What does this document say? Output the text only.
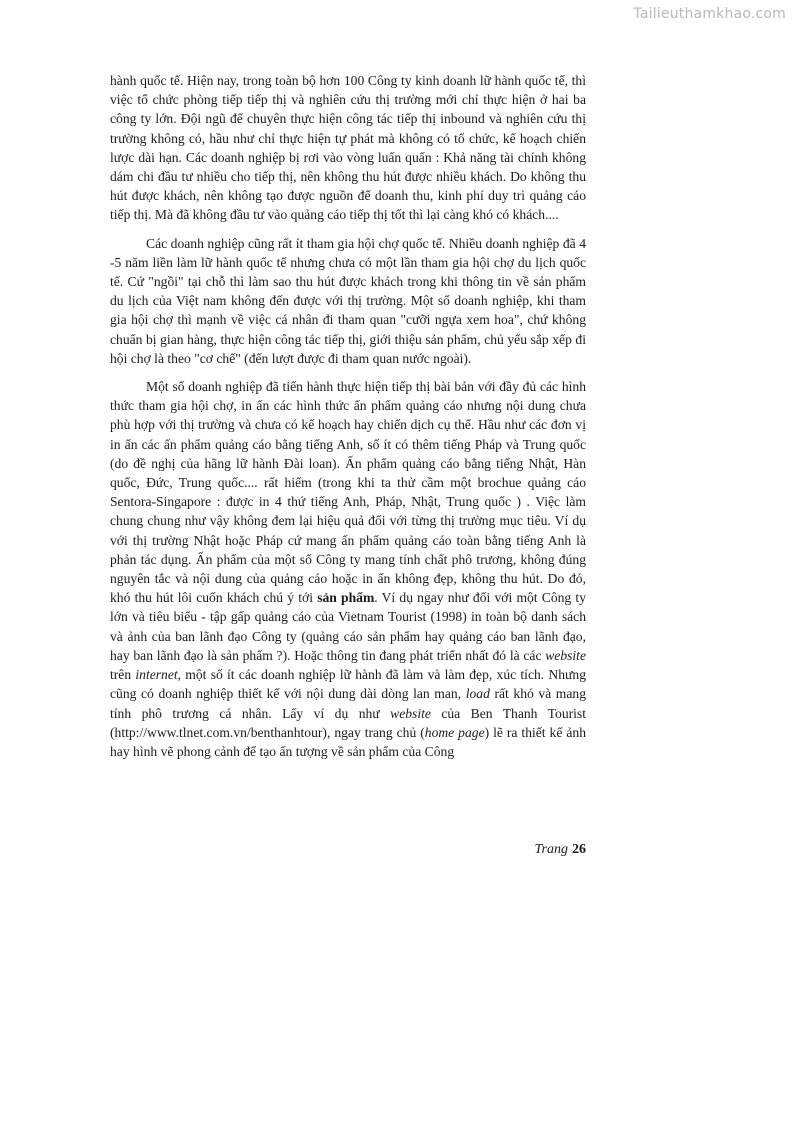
Tailieuthamkhao.com

hành quốc tế. Hiện nay, trong toàn bộ hơn 100 Công ty kinh doanh lữ hành quốc tế, thì việc tổ chức phòng tiếp tiếp thị và nghiên cứu thị trường mới chỉ thực hiện ở hai ba công ty lớn. Đội ngũ để chuyên thực hiện công tác tiếp thị inbound và nghiên cứu thị trường không có, hầu như chỉ thực hiện tự phát mà không có tổ chức, kế hoạch chiến lược dài hạn. Các doanh nghiệp bị rơi vào vòng luẩn quẩn : Khả năng tài chính không dám chi đầu tư nhiều cho tiếp thị, nên không thu hút được nhiều khách. Do không thu hút được khách, nên không tạo được nguồn để doanh thu, kinh phí duy trì quảng cáo tiếp thị. Mà đã không đầu tư vào quảng cáo tiếp thị tốt thì lại càng khó có khách....

Các doanh nghiệp cũng rất ít tham gia hội chợ quốc tế. Nhiều doanh nghiệp đã 4 -5 năm liền làm lữ hành quốc tế nhưng chưa có một lần tham gia hội chợ du lịch quốc tế. Cứ "ngồi" tại chỗ thì làm sao thu hút được khách trong khi thông tin về sản phẩm du lịch của Việt nam không đến được với thị trường. Một số doanh nghiệp, khi tham gia hội chợ thì mạnh về việc cá nhân đi tham quan "cưỡi ngựa xem hoa", chứ không chuẩn bị gian hàng, thực hiện công tác tiếp thị, giới thiệu sản phẩm, chủ yếu sắp xếp đi hội chợ là theo "cơ chế" (đến lượt được đi tham quan nước ngoài).

Một số doanh nghiệp đã tiến hành thực hiện tiếp thị bài bản với đầy đủ các hình thức tham gia hội chợ, in ấn các hình thức ấn phẩm quảng cáo nhưng nội dung chưa phù hợp với thị trường và chưa có kế hoạch hay chiến dịch cụ thể. Hầu như các đơn vị in ấn các ấn phẩm quảng cáo bằng tiếng Anh, số ít có thêm tiếng Pháp và Trung quốc (do đề nghị của hãng lữ hành Đài loan). Ấn phẩm quảng cáo bằng tiếng Nhật, Hàn quốc, Đức, Trung quốc.... rất hiếm (trong khi ta thử cầm một brochue quảng cáo Sentora-Singapore : được in 4 thứ tiếng Anh, Pháp, Nhật, Trung quốc ) . Việc làm chung chung như vậy không đem lại hiệu quả đối với từng thị trường mục tiêu. Ví dụ với thị trường Nhật hoặc Pháp cứ mang ấn phẩm quảng cáo toàn bằng tiếng Anh là phản tác dụng. Ấn phẩm của một số Công ty mang tính chất phô trương, không đúng nguyên tắc và nội dung của quảng cáo hoặc in ấn không đẹp, không thu hút. Do đó, khó thu hút lôi cuốn khách chú ý tới sản phẩm. Ví dụ ngay như đối với một Công ty lớn và tiêu biểu - tập gấp quảng cáo của Vietnam Tourist (1998) in toàn bộ danh sách và ảnh của ban lãnh đạo Công ty (quảng cáo sản phẩm hay quảng cáo ban lãnh đạo, hay ban lãnh đạo là sản phẩm ?). Hoặc thông tin đang phát triển nhất đó là các website trên internet, một số ít các doanh nghiệp lữ hành đã làm và làm đẹp, xúc tích. Nhưng cũng có doanh nghiệp thiết kế với nội dung dài dòng lan man, load rất khó và mang tính phô trương cá nhân. Lấy ví dụ như website của Ben Thanh Tourist (http://www.tlnet.com.vn/benthanhtour), ngay trang chủ (home page) lẽ ra thiết kế ảnh hay hình vẽ phong cảnh để tạo ấn tượng về sản phẩm của Công

Trang 26
